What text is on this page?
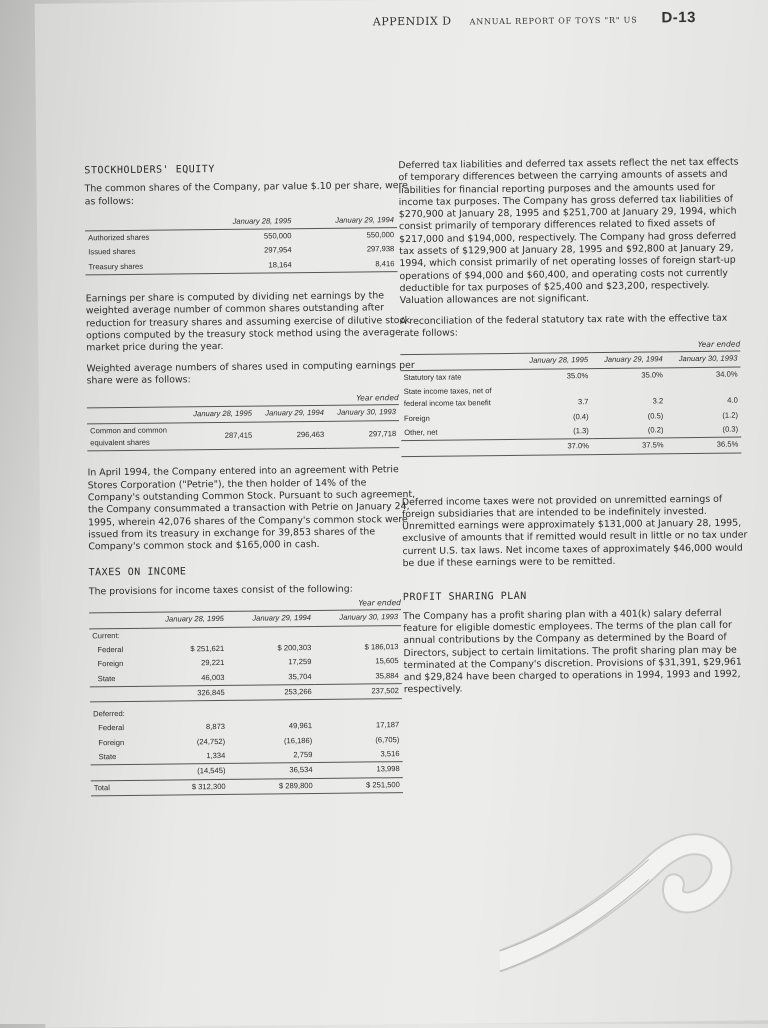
APPENDIX D ANNUAL REPORT OF TOYS "R" US D-13
STOCKHOLDERS' EQUITY

The common shares of the Company, par value $.10 per share, were as follows:

	January 28, 1995	January 29, 1994
Authorized shares	550,000	550,000
Issued shares	297,954	297,938
Treasury shares	18,164	8,416

Earnings per share is computed by dividing net earnings by the weighted average number of common shares outstanding after reduction for treasury shares and assuming exercise of dilutive stock options computed by the treasury stock method using the average market price during the year.

Weighted average numbers of shares used in computing earnings per share were as follows:

Year ended
	January 28, 1995	January 29, 1994	January 30, 1993
Common and common equivalent shares	287,415	296,463	297,718

In April 1994, the Company entered into an agreement with Petrie Stores Corporation ("Petrie"), the then holder of 14% of the Company's outstanding Common Stock. Pursuant to such agreement, the Company consummated a transaction with Petrie on January 24, 1995, wherein 42,076 shares of the Company's common stock were issued from its treasury in exchange for 39,853 shares of the Company's common stock and $165,000 in cash.

TAXES ON INCOME

The provisions for income taxes consist of the following:

Year ended
	January 28, 1995	January 29, 1994	January 30, 1993
Current:			
Federal	$ 251,621	$ 200,303	$ 186,013
Foreign	29,221	17,259	15,605
State	46,003	35,704	35,884
	326,845	253,266	237,502
Deferred:			
Federal	8,873	49,961	17,187
Foreign	(24,752)	(16,186)	(6,705)
State	1,334	2,759	3,516
	(14,545)	36,534	13,998
Total	$ 312,300	$ 289,800	$ 251,500

Deferred tax liabilities and deferred tax assets reflect the net tax effects of temporary differences between the carrying amounts of assets and liabilities for financial reporting purposes and the amounts used for income tax purposes. The Company has gross deferred tax liabilities of $270,900 at January 28, 1995 and $251,700 at January 29, 1994, which consist primarily of temporary differences related to fixed assets of $217,000 and $194,000, respectively. The Company had gross deferred tax assets of $129,900 at January 28, 1995 and $92,800 at January 29, 1994, which consist primarily of net operating losses of foreign start-up operations of $94,000 and $60,400, and operating costs not currently deductible for tax purposes of $25,400 and $23,200, respectively. Valuation allowances are not significant.

A reconciliation of the federal statutory tax rate with the effective tax rate follows:

Year ended
	January 28, 1995	January 29, 1994	January 30, 1993
Statutory tax rate	35.0%	35.0%	34.0%
State income taxes, net of federal income tax benefit	3.7	3.2	4.0
Foreign	(0.4)	(0.5)	(1.2)
Other, net	(1.3)	(0.2)	(0.3)
	37.0%	37.5%	36.5%

Deferred income taxes were not provided on unremitted earnings of foreign subsidiaries that are intended to be indefinitely invested. Unremitted earnings were approximately $131,000 at January 28, 1995, exclusive of amounts that if remitted would result in little or no tax under current U.S. tax laws. Net income taxes of approximately $46,000 would be due if these earnings were to be remitted.

PROFIT SHARING PLAN

The Company has a profit sharing plan with a 401(k) salary deferral feature for eligible domestic employees. The terms of the plan call for annual contributions by the Company as determined by the Board of Directors, subject to certain limitations. The profit sharing plan may be terminated at the Company's discretion. Provisions of $31,391, $29,961 and $29,824 have been charged to operations in 1994, 1993 and 1992, respectively.
